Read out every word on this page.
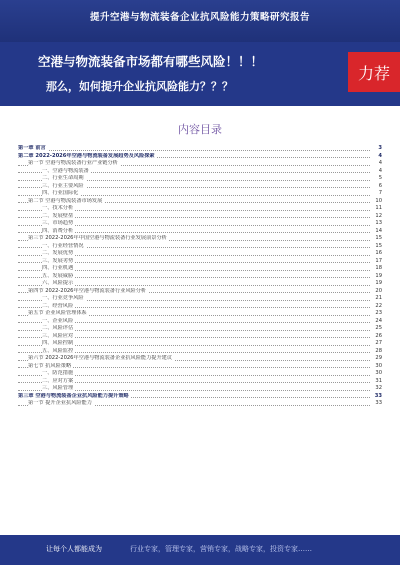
提升空港与物流装备企业抗风险能力策略研究报告
空港与物流装备市场都有哪些风险！！！
那么，如何提升企业抗风险能力？？？
力荐
内容目录
第一章 前言	3
第二章 2022-2026年空港与物流装备发展趋势及风险探索	4
第一节 空港与物流装备行业产业链分析	4
一、空港与物流装备	4
二、行业生命周期	5
三、行业主要风险	6
四、行业国际化	7
第二节 空港与物流装备市场发展	10
一、技术分析	11
二、发展壁垒	12
三、市场趋势	13
四、消费分析	14
第三节 2022-2026年中国空港与物流装备行业发展前景分析	15
一、行业经营情况	15
二、发展优势	16
三、发展劣势	17
四、行业机遇	18
五、发展威胁	19
六、风险提示	19
第四节 2022-2026年空港与物流装备行业风险分析	20
一、行业竞争风险	21
二、经营风险	22
第五节 企业风险管理体系	23
一、企业风险	24
二、风险评估	25
三、风险应对	26
四、风险控制	27
五、风险监控	28
第六节 2022-2026年空港与物流装备企业抗风险能力提升建议	29
第七节 抗风险策略	30
一、防范措施	30
二、应对方案	31
三、风险管理	32
第三章 空港与物流装备企业抗风险能力提升策略	33
第一节 提升企业抗风险能力	33
让每个人都能成为	行业专家，管理专家，营销专家，战略专家，投资专家……
